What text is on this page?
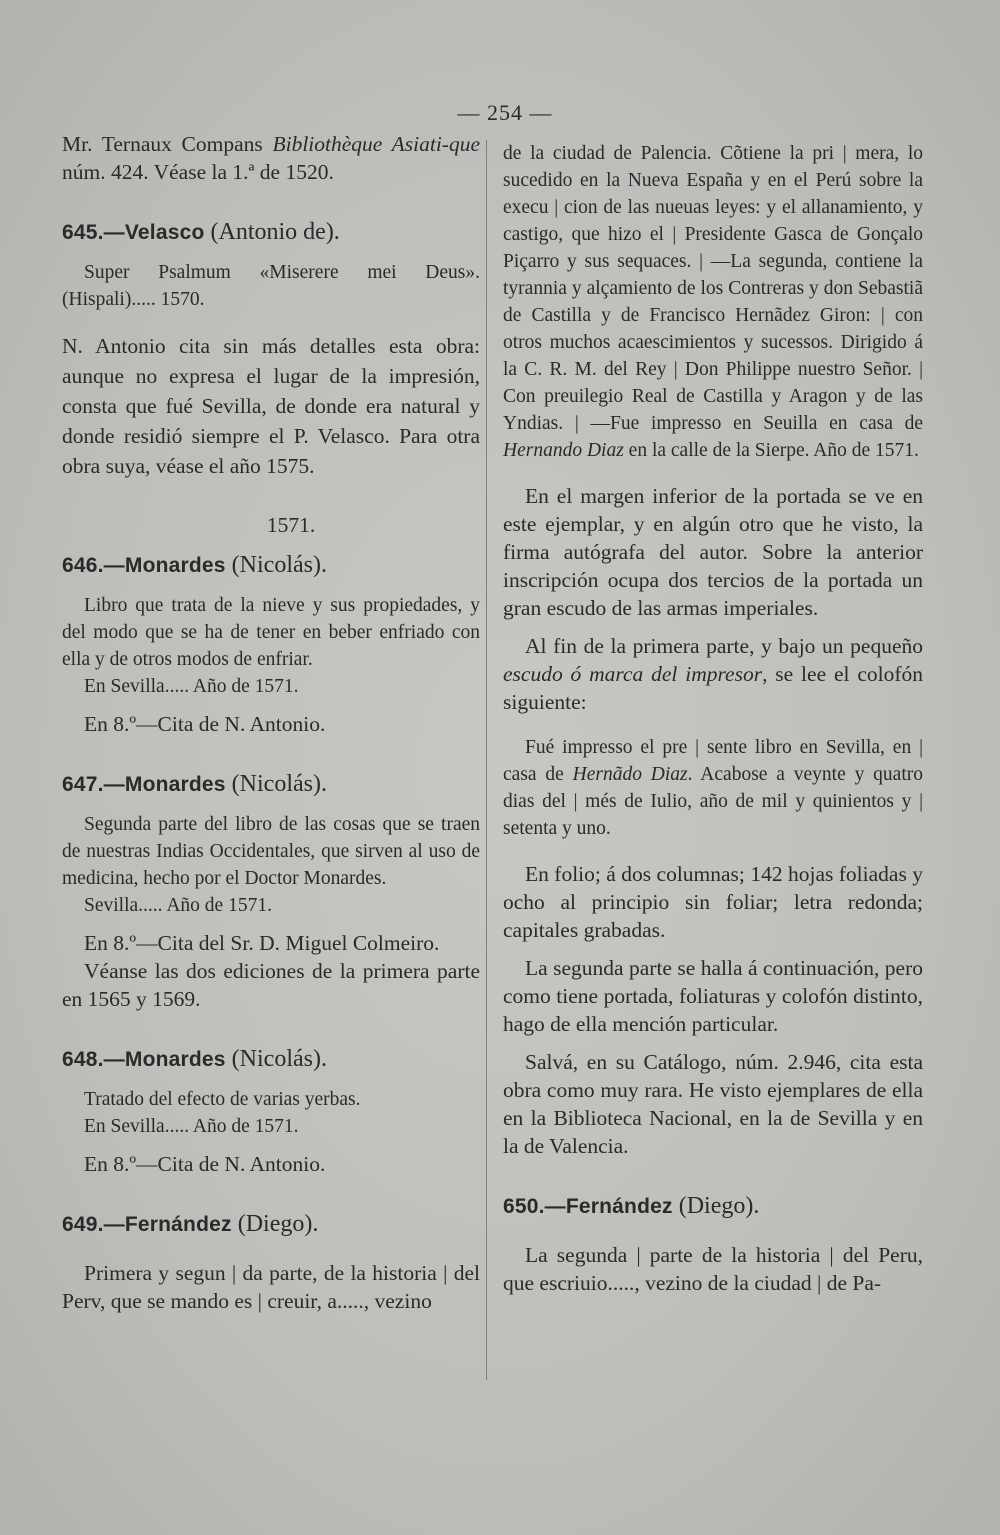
— 254 —

Mr. Ternaux Compans Bibliothèque Asiati-que núm. 424. Véase la 1.ª de 1520.

645.—Velasco (Antonio de).

Super Psalmum «Miserere mei Deus». (Hispali)..... 1570.

N. Antonio cita sin más detalles esta obra: aunque no expresa el lugar de la impresión, consta que fué Sevilla, de donde era natural y donde residió siempre el P. Velasco. Para otra obra suya, véase el año 1575.

1571.
646.—Monardes (Nicolás).

Libro que trata de la nieve y sus propiedades, y del modo que se ha de tener en beber enfriado con ella y de otros modos de enfriar.

En Sevilla..... Año de 1571.

En 8.º—Cita de N. Antonio.

647.—Monardes (Nicolás).

Segunda parte del libro de las cosas que se traen de nuestras Indias Occidentales, que sirven al uso de medicina, hecho por el Doctor Monardes.

Sevilla..... Año de 1571.

En 8.º—Cita del Sr. D. Miguel Colmeiro.

Véanse las dos ediciones de la primera parte en 1565 y 1569.

648.—Monardes (Nicolás).

Tratado del efecto de varias yerbas.

En Sevilla..... Año de 1571.

En 8.º—Cita de N. Antonio.

649.—Fernández (Diego).

Primera y segun | da parte, de la historia | del Perv, que se mando es | creuir, a....., vezino

de la ciudad de Palencia. Cõtiene la pri | mera, lo sucedido en la Nueva España y en el Perú sobre la execu | cion de las nueuas leyes: y el allanamiento, y castigo, que hizo el | Presidente Gasca de Gonçalo Piçarro y sus sequaces. | —La segunda, contiene la tyrannia y alçamiento de los Contreras y don Sebastiã de Castilla y de Francisco Hernãdez Giron: | con otros muchos acaescimientos y sucessos. Dirigido á la C. R. M. del Rey | Don Philippe nuestro Señor. | Con preuilegio Real de Castilla y Aragon y de las Yndias. | —Fue impresso en Seuilla en casa de Hernando Diaz en la calle de la Sierpe. Año de 1571.

En el margen inferior de la portada se ve en este ejemplar, y en algún otro que he visto, la firma autógrafa del autor. Sobre la anterior inscripción ocupa dos tercios de la portada un gran escudo de las armas imperiales.

Al fin de la primera parte, y bajo un pequeño escudo ó marca del impresor, se lee el colofón siguiente:

Fué impresso el pre | sente libro en Sevilla, en | casa de Hernãdo Diaz. Acabose a veynte y quatro dias del | més de Iulio, año de mil y quinientos y | setenta y uno.

En folio; á dos columnas; 142 hojas foliadas y ocho al principio sin foliar; letra redonda; capitales grabadas.

La segunda parte se halla á continuación, pero como tiene portada, foliaturas y colofón distinto, hago de ella mención particular.

Salvá, en su Catálogo, núm. 2.946, cita esta obra como muy rara. He visto ejemplares de ella en la Biblioteca Nacional, en la de Sevilla y en la de Valencia.

650.—Fernández (Diego).

La segunda | parte de la historia | del Peru, que escriuio....., vezino de la ciudad | de Pa-
